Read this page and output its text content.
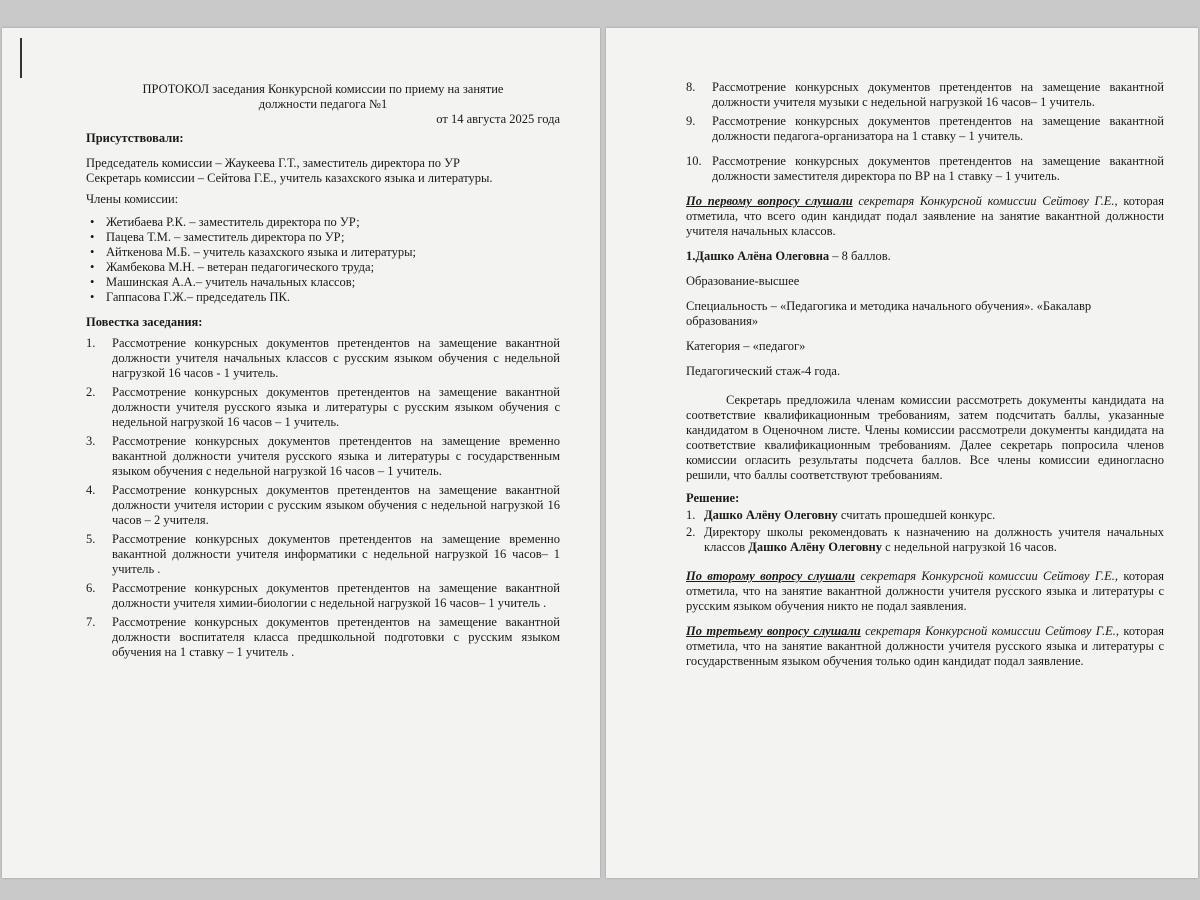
ПРОТОКОЛ заседания Конкурсной комиссии по приему на занятие

должности педагога №1

от 14 августа 2025 года

Присутствовали:

Председатель комиссии – Жаукеева Г.Т., заместитель директора по УР

Секретарь комиссии – Сейтова Г.Е., учитель казахского языка и литературы.

Члены комиссии:

• Жетибаева Р.К. – заместитель директора по УР;
• Пацева Т.М. – заместитель директора по УР;
• Айткенова М.Б. – учитель казахского языка и литературы;
• Жамбекова М.Н. – ветеран педагогического труда;
• Машинская А.А.– учитель начальных классов;
• Гаппасова Г.Ж.– председатель ПК.

Повестка заседания:

1. Рассмотрение конкурсных документов претендентов на замещение вакантной должности учителя начальных классов с русским языком обучения с недельной нагрузкой 16 часов - 1 учитель.
2. Рассмотрение конкурсных документов претендентов на замещение вакантной должности учителя русского языка и литературы с русским языком обучения с недельной нагрузкой 16 часов – 1 учитель.
3. Рассмотрение конкурсных документов претендентов на замещение временно вакантной должности учителя русского языка и литературы с государственным языком обучения с недельной нагрузкой 16 часов – 1 учитель.
4. Рассмотрение конкурсных документов претендентов на замещение вакантной должности учителя истории с русским языком обучения с недельной нагрузкой 16 часов – 2 учителя.
5. Рассмотрение конкурсных документов претендентов на замещение временно вакантной должности учителя информатики с недельной нагрузкой 16 часов– 1 учитель .
6. Рассмотрение конкурсных документов претендентов на замещение вакантной должности учителя химии-биологии с недельной нагрузкой 16 часов– 1 учитель .
7. Рассмотрение конкурсных документов претендентов на замещение вакантной должности воспитателя класса предшкольной подготовки с русским языком обучения на 1 ставку – 1 учитель .
8. Рассмотрение конкурсных документов претендентов на замещение вакантной должности учителя музыки с недельной нагрузкой 16 часов– 1 учитель.
9. Рассмотрение конкурсных документов претендентов на замещение вакантной должности педагога-организатора на 1 ставку – 1 учитель.
10. Рассмотрение конкурсных документов претендентов на замещение вакантной должности заместителя директора по ВР на 1 ставку – 1 учитель.

По первому вопросу слушали секретаря Конкурсной комиссии Сейтову Г.Е., которая отметила, что всего один кандидат подал заявление на занятие вакантной должности учителя начальных классов.

1.Дашко Алёна Олеговна – 8 баллов.

Образование-высшее

Специальность – «Педагогика и методика начального обучения». «Бакалавр образования»

Категория – «педагог»

Педагогический стаж-4 года.

Секретарь предложила членам комиссии рассмотреть документы кандидата на соответствие квалификационным требованиям, затем подсчитать баллы, указанные кандидатом в Оценочном листе. Члены комиссии рассмотрели документы кандидата на соответствие квалификационным требованиям. Далее секретарь попросила членов комиссии огласить результаты подсчета баллов. Все члены комиссии единогласно решили, что баллы соответствуют требованиям.

Решение:

1. Дашко Алёну Олеговну считать прошедшей конкурс.
2. Директору школы рекомендовать к назначению на должность учителя начальных классов Дашко Алёну Олеговну с недельной нагрузкой 16 часов.

По второму вопросу слушали секретаря Конкурсной комиссии Сейтову Г.Е., которая отметила, что на занятие вакантной должности учителя русского языка и литературы с русским языком обучения никто не подал заявления.

По третьему вопросу слушали секретаря Конкурсной комиссии Сейтову Г.Е., которая отметила, что на занятие вакантной должности учителя русского языка и литературы с государственным языком обучения только один кандидат подал заявление.
